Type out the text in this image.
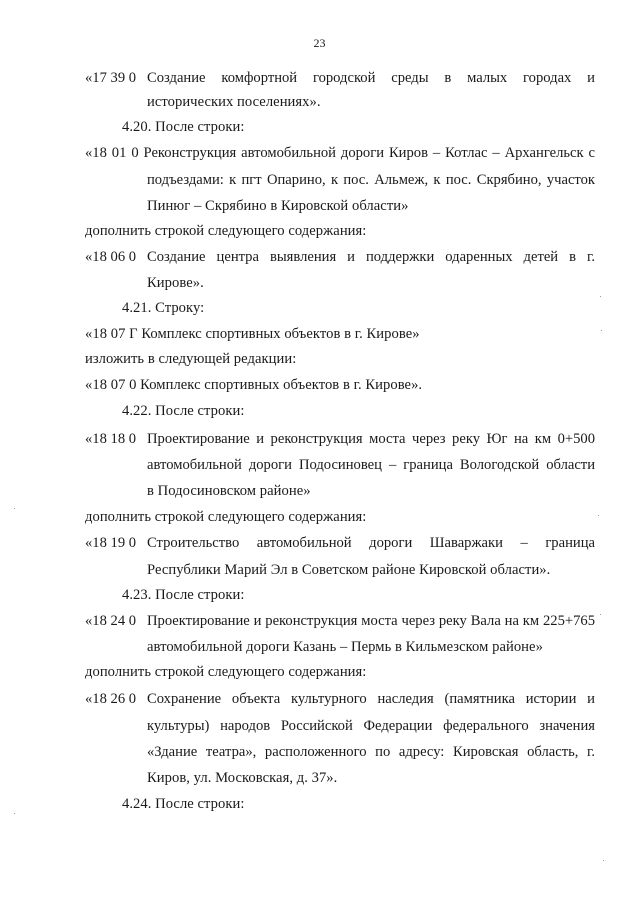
23
«17 39 0 Создание комфортной городской среды в малых городах и
исторических поселениях».
4.20. После строки:
«18 01 0 Реконструкция автомобильной дороги Киров – Котлас – Архангельск с
подъездами: к пгт Опарино, к пос. Альмеж, к пос. Скрябино, участок
Пинюг – Скрябино в Кировской области»
дополнить строкой следующего содержания:
«18 06 0 Создание центра выявления и поддержки одаренных детей в г.
Кирове».
4.21. Строку:
«18 07 Г Комплекс спортивных объектов в г. Кирове»
изложить в следующей редакции:
«18 07 0 Комплекс спортивных объектов в г. Кирове».
4.22. После строки:
«18 18 0 Проектирование и реконструкция моста через реку Юг на км 0+500
автомобильной дороги Подосиновец – граница Вологодской области
в Подосиновском районе»
дополнить строкой следующего содержания:
«18 19 0 Строительство автомобильной дороги Шаваржаки – граница
Республики Марий Эл в Советском районе Кировской области».
4.23. После строки:
«18 24 0 Проектирование и реконструкция моста через реку Вала на км 225+765
автомобильной дороги Казань – Пермь в Кильмезском районе»
дополнить строкой следующего содержания:
«18 26 0 Сохранение объекта культурного наследия (памятника истории и
культуры) народов Российской Федерации федерального значения
«Здание театра», расположенного по адресу: Кировская область, г.
Киров, ул. Московская, д. 37».
4.24. После строки:
